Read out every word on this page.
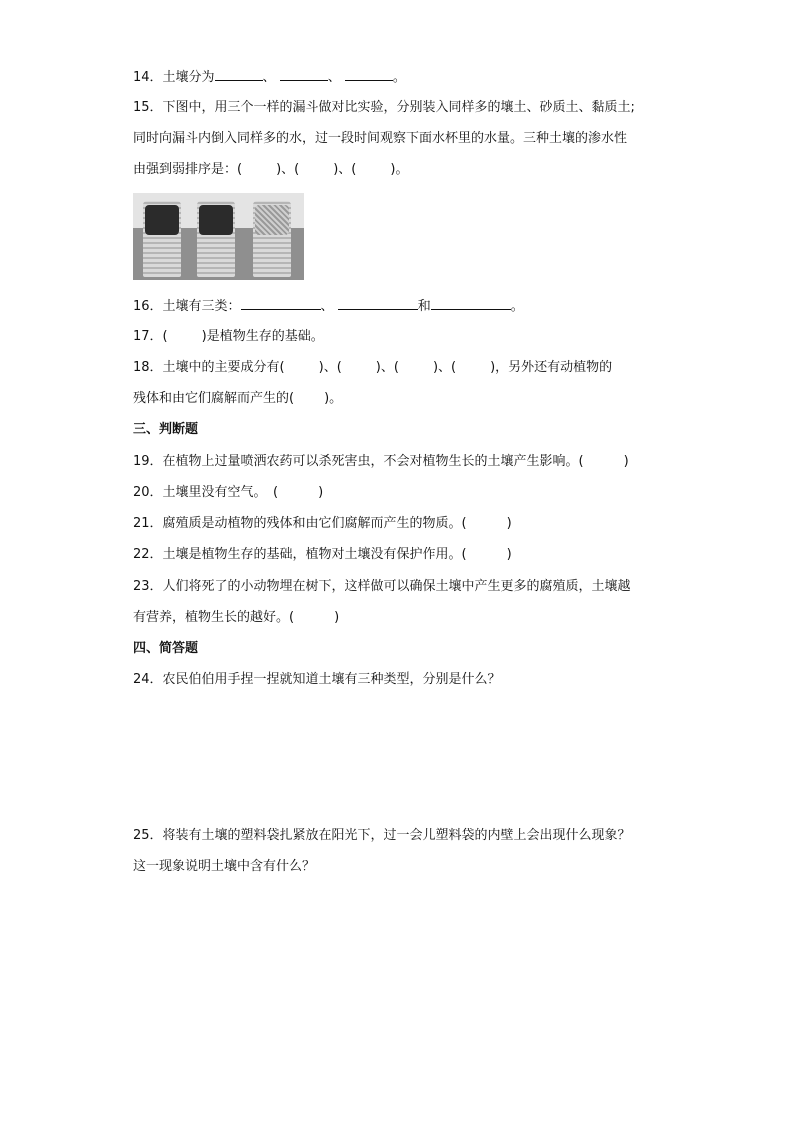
14．土壤分为	、	、	。
15．下图中，用三个一样的漏斗做对比实验，分别装入同样多的壤土、砂质土、黏质土;
同时向漏斗内倒入同样多的水，过一段时间观察下面水杯里的水量。三种土壤的渗水性
由强到弱排序是：(	)、(	)、(	)。
16．土壤有三类：	、	和	。
17．(	)是植物生存的基础。
18．土壤中的主要成分有(	)、(	)、(	)、(	)，另外还有动植物的
残体和由它们腐解而产生的( )。
三、判断题
19．在植物上过量喷洒农药可以杀死害虫，不会对植物生长的土壤产生影响。(	)
20．土壤里没有空气。　(	)
21．腐殖质是动植物的残体和由它们腐解而产生的物质。(	)
22．土壤是植物生存的基础，植物对土壤没有保护作用。(	)
23．人们将死了的小动物埋在树下，这样做可以确保土壤中产生更多的腐殖质，土壤越
有营养，植物生长的越好。(	)
四、简答题
24．农民伯伯用手捏一捏就知道土壤有三种类型，分别是什么？
25．将装有土壤的塑料袋扎紧放在阳光下，过一会儿塑料袋的内壁上会出现什么现象？
这一现象说明土壤中含有什么？
